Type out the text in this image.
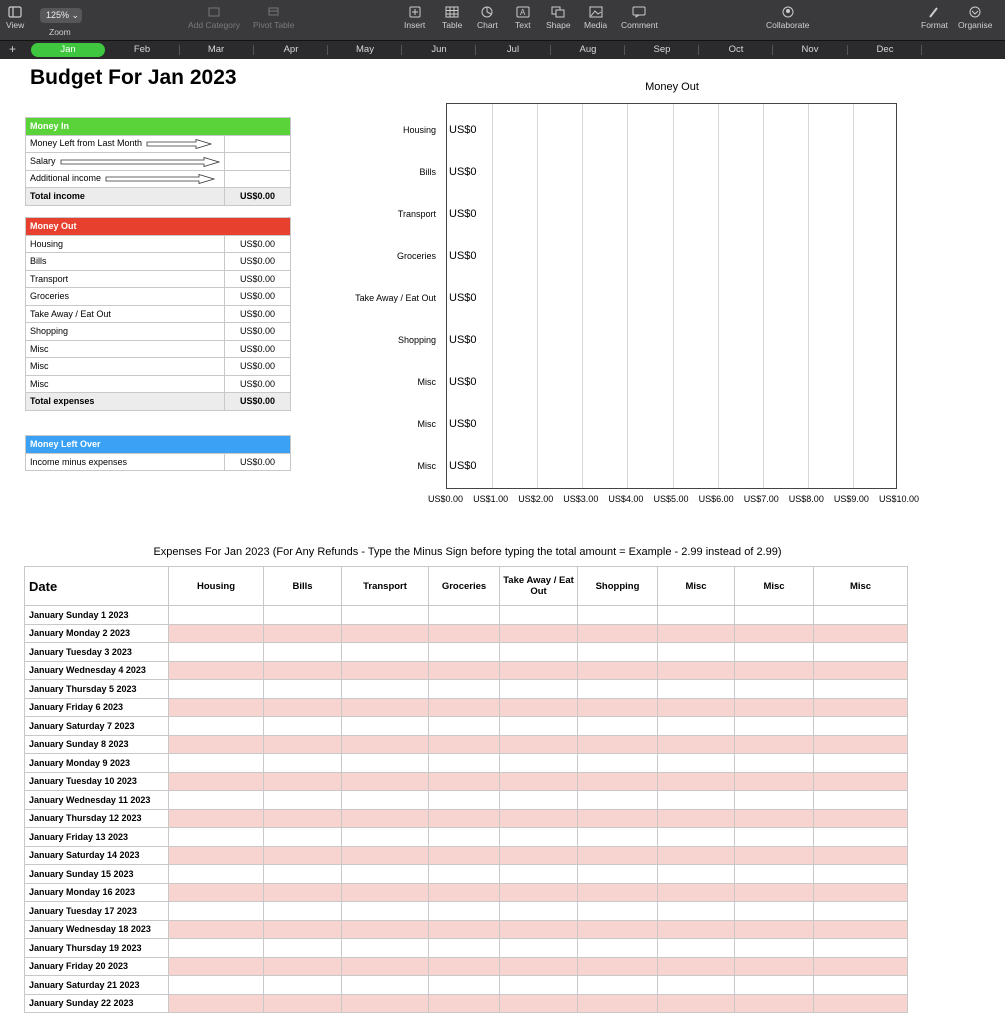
View
125% ⌄
Zoom
Add Category Pivot Table	Insert Table Chart
A
Text Shape Media Comment	Collaborate	Format Organise
+	Jan	Feb	Mar	Apr	May	Jun	Jul	Aug	Sep	Oct	Nov	Dec
Budget For Jan 2023
Money In	
Money Left from Last Month	
Salary	
Additional income	
Total income	US$0.00
Money Out	
Housing	US$0.00
Bills	US$0.00
Transport	US$0.00
Groceries	US$0.00
Take Away / Eat Out	US$0.00
Shopping	US$0.00
Misc	US$0.00
Misc	US$0.00
Misc	US$0.00
Total expenses	US$0.00
Money Left Over
Income minus expenses	US$0.00
Money Out
Housing US$0
Bills US$0
Transport US$0
Groceries US$0
Take Away / Eat Out US$0
Shopping US$0
Misc US$0
Misc US$0
Misc US$0
US$0.00 US$1.00 US$2.00 US$3.00 US$4.00 US$5.00 US$6.00 US$7.00 US$8.00 US$9.00 US$10.00
Expenses For Jan 2023 (For Any Refunds - Type the Minus Sign before typing the total amount = Example - 2.99 instead of 2.99)
Date	Housing	Bills	Transport	Groceries	Take Away / Eat Out	Shopping	Misc	Misc	Misc
January Sunday 1 2023									
January Monday 2 2023									
January Tuesday 3 2023									
January Wednesday 4 2023									
January Thursday 5 2023									
January Friday 6 2023									
January Saturday 7 2023									
January Sunday 8 2023									
January Monday 9 2023									
January Tuesday 10 2023									
January Wednesday 11 2023									
January Thursday 12 2023									
January Friday 13 2023									
January Saturday 14 2023									
January Sunday 15 2023									
January Monday 16 2023									
January Tuesday 17 2023									
January Wednesday 18 2023									
January Thursday 19 2023									
January Friday 20 2023									
January Saturday 21 2023									
January Sunday 22 2023									
